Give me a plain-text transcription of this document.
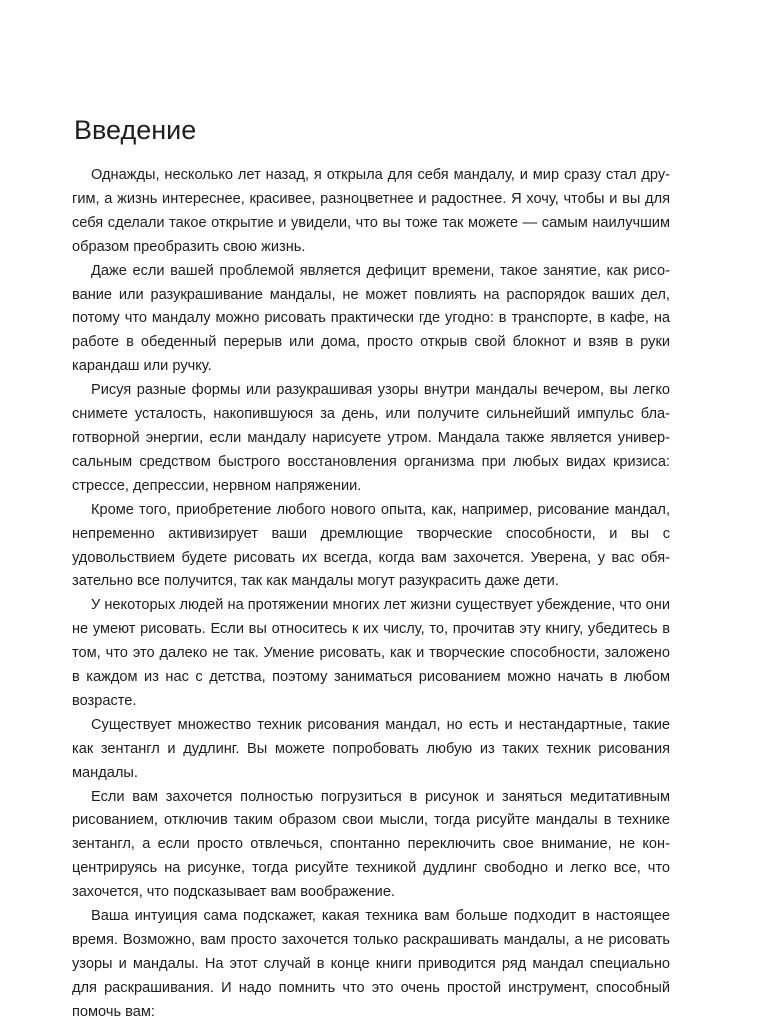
Введение

Однажды, несколько лет назад, я открыла для себя мандалу, и мир сразу стал другим, а жизнь интереснее, красивее, разноцветнее и радостнее. Я хочу, чтобы и вы для себя сделали такое открытие и увидели, что вы тоже так можете — самым наилучшим образом преобразить свою жизнь.

Даже если вашей проблемой является дефицит времени, такое занятие, как рисование или разукрашивание мандалы, не может повлиять на распорядок ваших дел, потому что мандалу можно рисовать практически где угодно: в транспорте, в кафе, на работе в обеденный перерыв или дома, просто открыв свой блокнот и взяв в руки карандаш или ручку.

Рисуя разные формы или разукрашивая узоры внутри мандалы вечером, вы легко снимете усталость, накопившуюся за день, или получите сильнейший импульс благотворной энергии, если мандалу нарисуете утром. Мандала также является универсальным средством быстрого восстановления организма при любых видах кризиса: стрессе, депрессии, нервном напряжении.

Кроме того, приобретение любого нового опыта, как, например, рисование мандал, непременно активизирует ваши дремлющие творческие способности, и вы с удовольствием будете рисовать их всегда, когда вам захочется. Уверена, у вас обязательно все получится, так как мандалы могут разукрасить даже дети.

У некоторых людей на протяжении многих лет жизни существует убеждение, что они не умеют рисовать. Если вы относитесь к их числу, то, прочитав эту книгу, убедитесь в том, что это далеко не так. Умение рисовать, как и творческие способности, заложено в каждом из нас с детства, поэтому заниматься рисованием можно начать в любом возрасте.

Существует множество техник рисования мандал, но есть и нестандартные, такие как зентангл и дудлинг. Вы можете попробовать любую из таких техник рисования мандалы.

Если вам захочется полностью погрузиться в рисунок и заняться медитативным рисованием, отключив таким образом свои мысли, тогда рисуйте мандалы в технике зентангл, а если просто отвлечься, спонтанно переключить свое внимание, не концентрируясь на рисунке, тогда рисуйте техникой дудлинг свободно и легко все, что захочется, что подсказывает вам воображение.

Ваша интуиция сама подскажет, какая техника вам больше подходит в настоящее время. Возможно, вам просто захочется только раскрашивать мандалы, а не рисовать узоры и мандалы. На этот случай в конце книги приводится ряд мандал специально для раскрашивания. И надо помнить что это очень простой инструмент, способный помочь вам:
